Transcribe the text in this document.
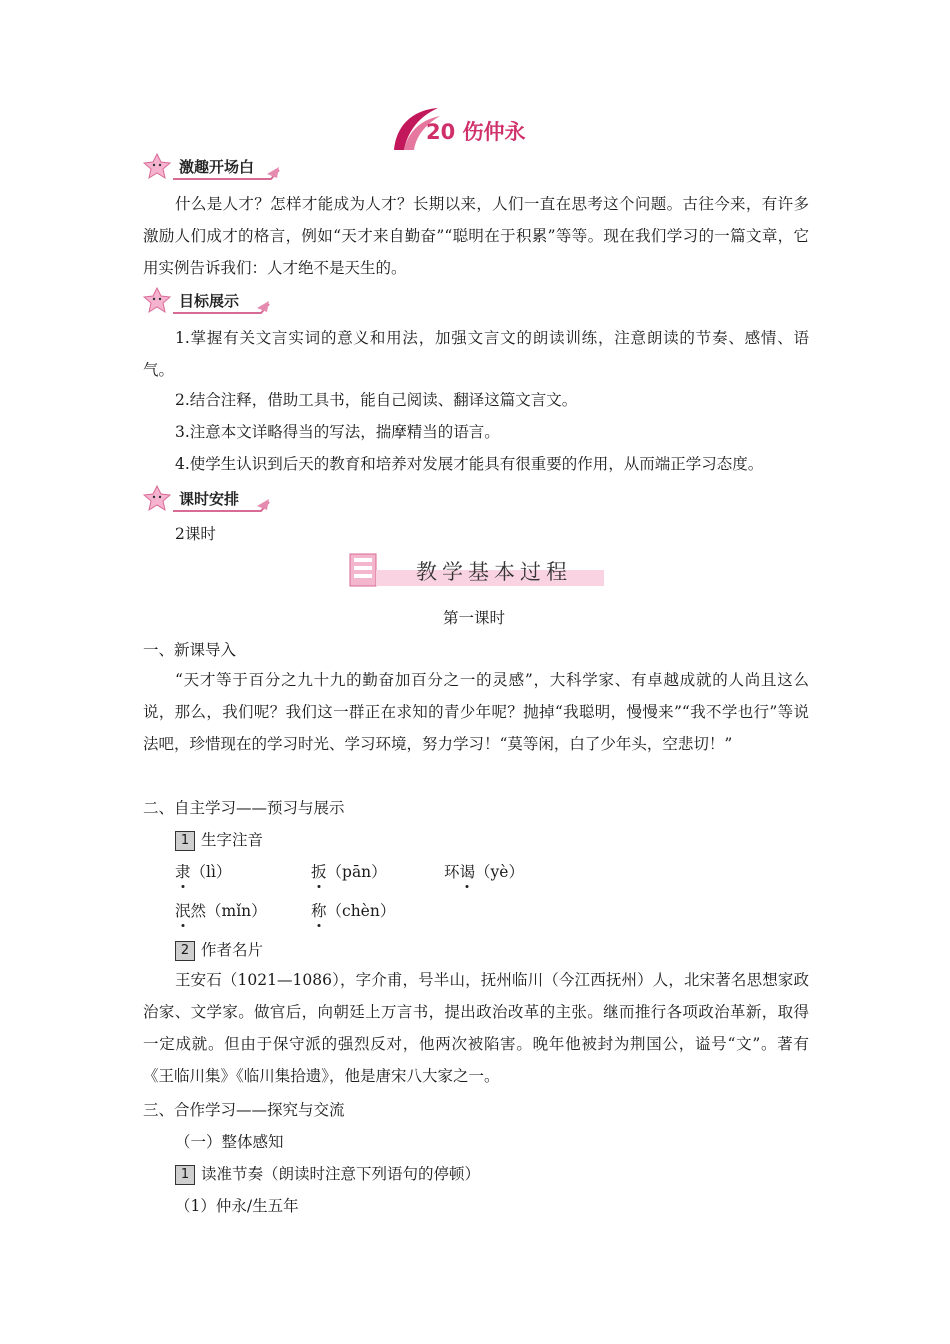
20 伤仲永
激趣开场白
什么是人才？怎样才能成为人才？长期以来，人们一直在思考这个问题。古往今来，有许多激励人们成才的格言，例如“天才来自勤奋”“聪明在于积累”等等。现在我们学习的一篇文章，它用实例告诉我们：人才绝不是天生的。
目标展示
1.掌握有关文言实词的意义和用法，加强文言文的朗读训练，注意朗读的节奏、感情、语气。
2.结合注释，借助工具书，能自己阅读、翻译这篇文言文。
3.注意本文详略得当的写法，揣摩精当的语言。
4.使学生认识到后天的教育和培养对发展才能具有很重要的作用，从而端正学习态度。
课时安排
2课时
教学基本过程
第一课时
一、新课导入
“天才等于百分之九十九的勤奋加百分之一的灵感”，大科学家、有卓越成就的人尚且这么说，那么，我们呢？我们这一群正在求知的青少年呢？抛掉“我聪明，慢慢来”“我不学也行”等说法吧，珍惜现在的学习时光、学习环境，努力学习！“莫等闲，白了少年头，空悲切！”
二、自主学习——预习与展示
1 生字注音
隶（lì）	扳（pān）	环谒（yè）
泯然（mǐn）	称（chèn）
2 作者名片
王安石（1021—1086），字介甫，号半山，抚州临川（今江西抚州）人，北宋著名思想家政治家、文学家。做官后，向朝廷上万言书，提出政治改革的主张。继而推行各项政治革新，取得一定成就。但由于保守派的强烈反对，他两次被陷害。晚年他被封为荆国公，谥号“文”。著有《王临川集》《临川集拾遗》，他是唐宋八大家之一。
三、合作学习——探究与交流
（一）整体感知
1 读准节奏（朗读时注意下列语句的停顿）
（1）仲永/生五年
